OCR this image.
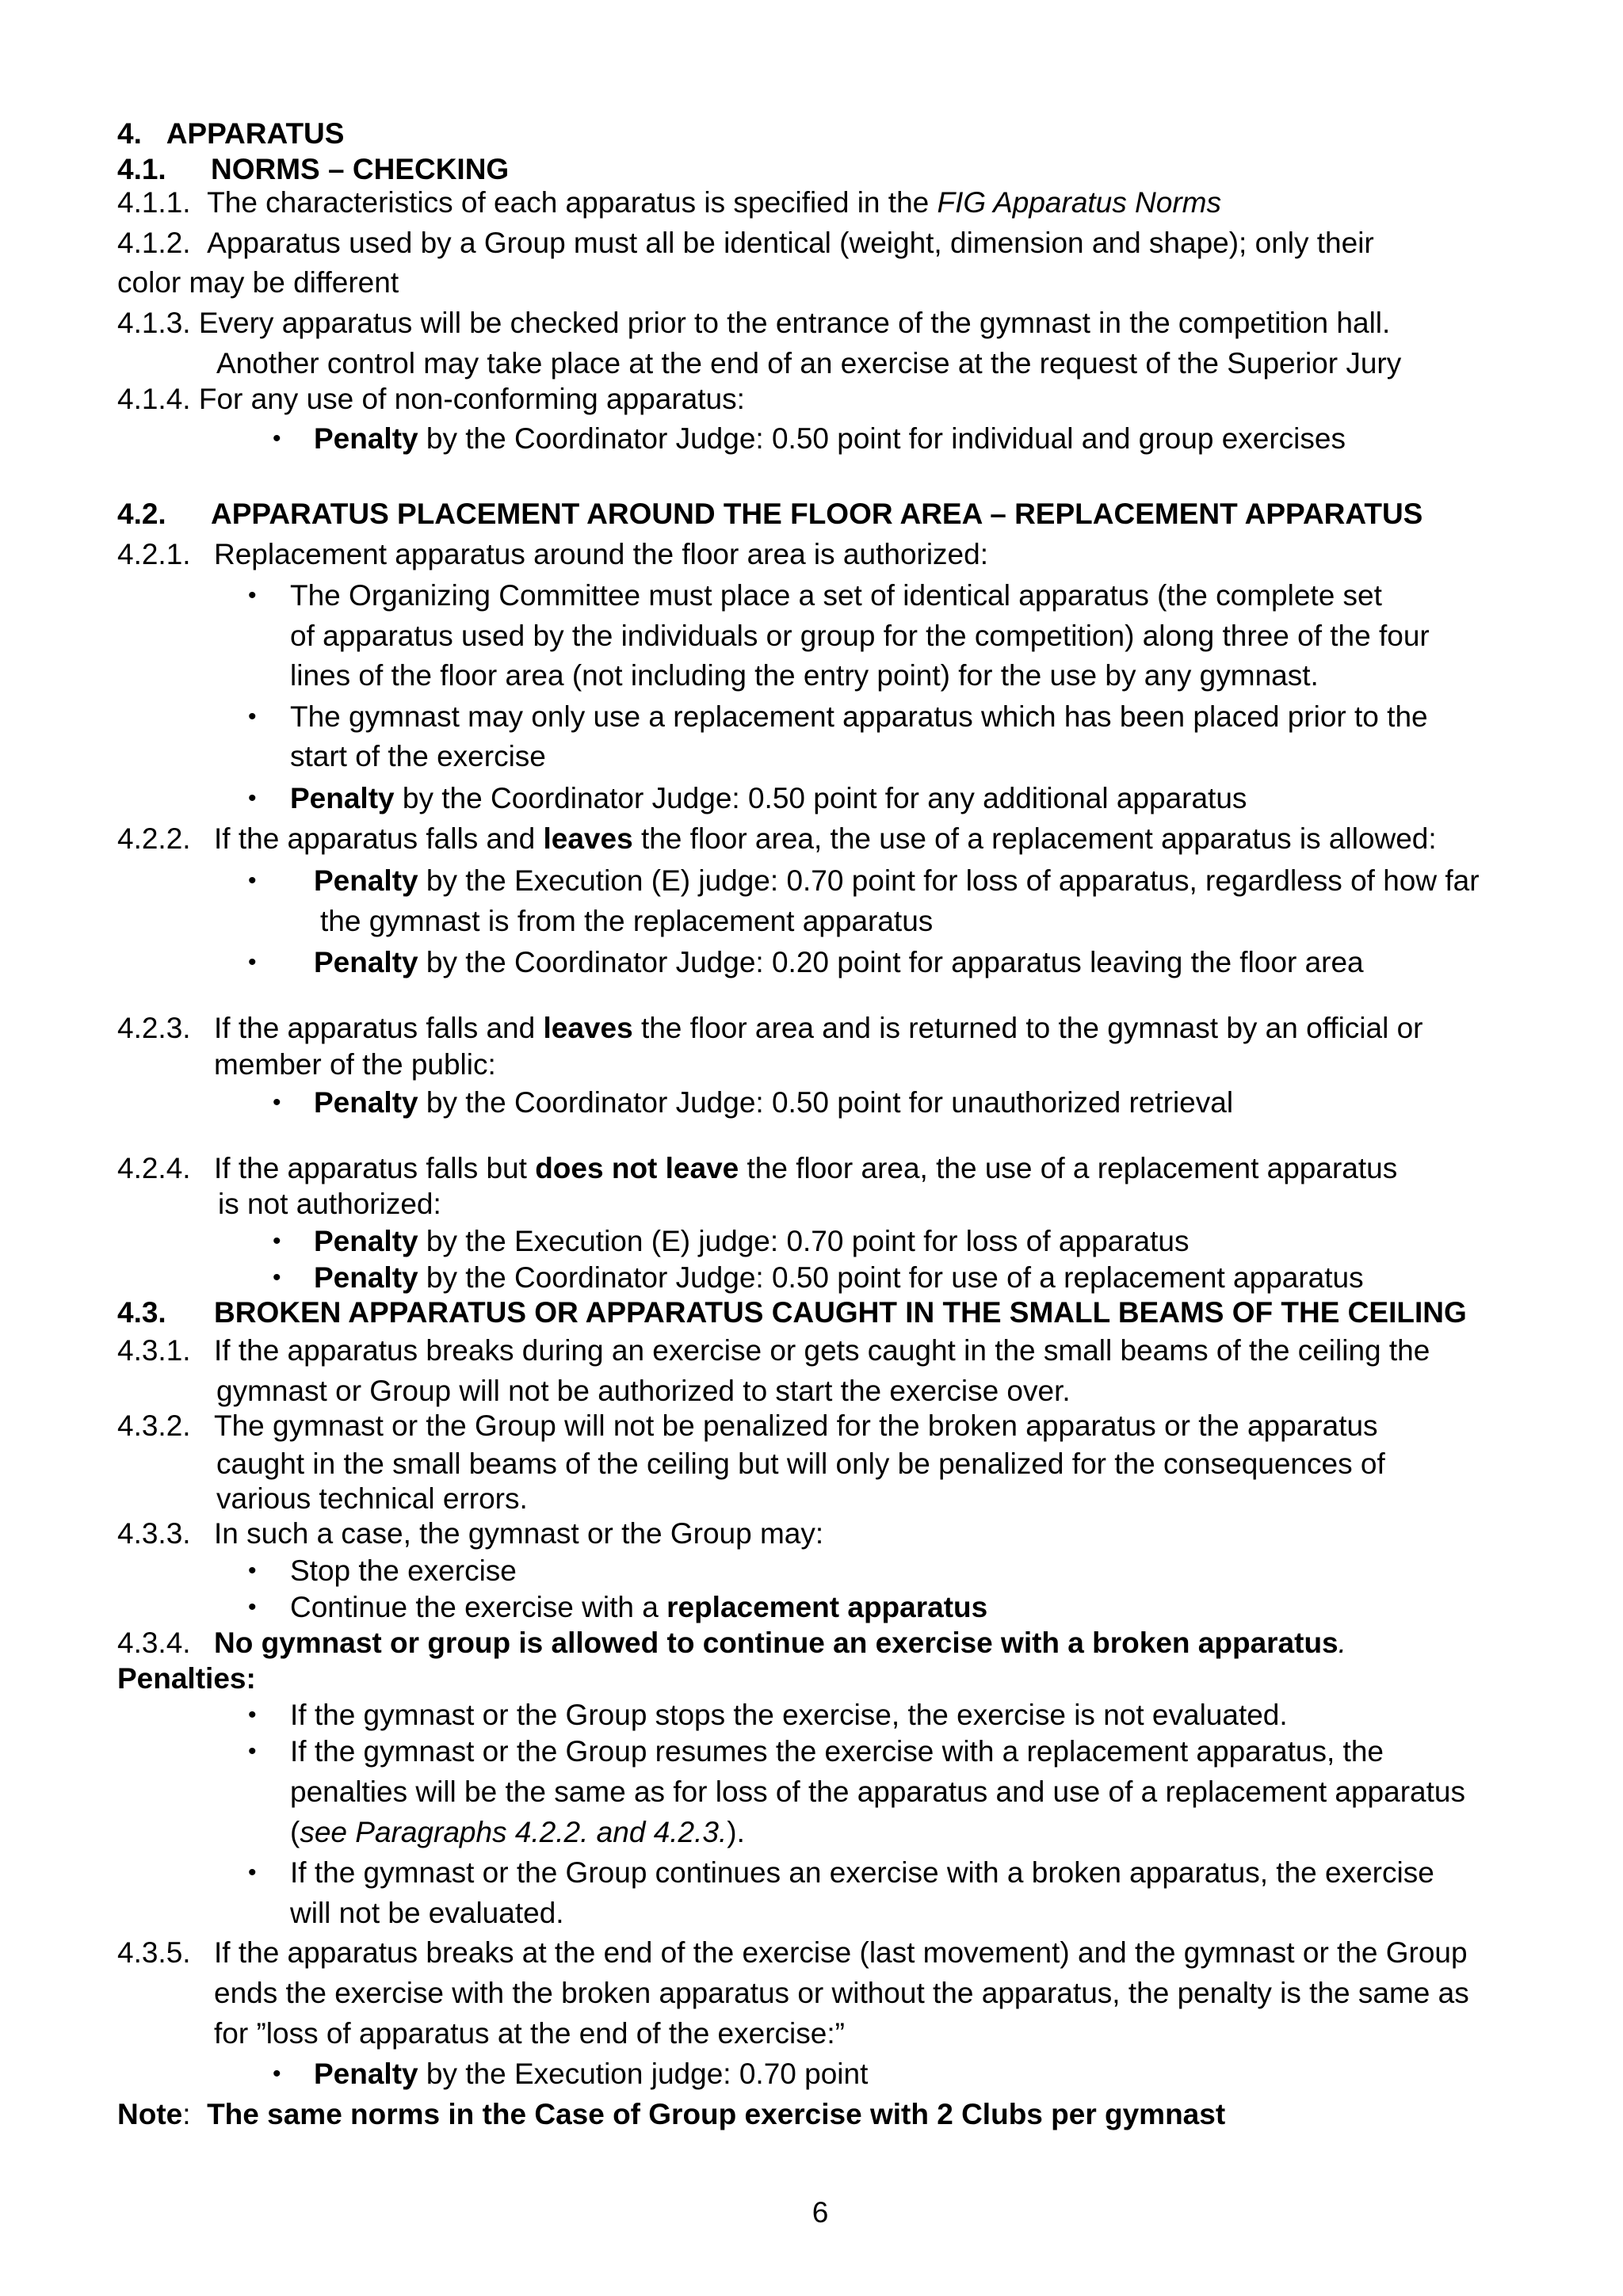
4. APPARATUS
4.1. NORMS – CHECKING
4.1.1. The characteristics of each apparatus is specified in the FIG Apparatus Norms
4.1.2. Apparatus used by a Group must all be identical (weight, dimension and shape); only their
color may be different
4.1.3. Every apparatus will be checked prior to the entrance of the gymnast in the competition hall.
Another control may take place at the end of an exercise at the request of the Superior Jury
4.1.4. For any use of non-conforming apparatus:
• Penalty by the Coordinator Judge: 0.50 point for individual and group exercises
4.2. APPARATUS PLACEMENT AROUND THE FLOOR AREA – REPLACEMENT APPARATUS
4.2.1. Replacement apparatus around the floor area is authorized:
• The Organizing Committee must place a set of identical apparatus (the complete set
of apparatus used by the individuals or group for the competition) along three of the four
lines of the floor area (not including the entry point) for the use by any gymnast.
• The gymnast may only use a replacement apparatus which has been placed prior to the
start of the exercise
• Penalty by the Coordinator Judge: 0.50 point for any additional apparatus
4.2.2. If the apparatus falls and leaves the floor area, the use of a replacement apparatus is allowed:
• Penalty by the Execution (E) judge: 0.70 point for loss of apparatus, regardless of how far
the gymnast is from the replacement apparatus
• Penalty by the Coordinator Judge: 0.20 point for apparatus leaving the floor area
4.2.3. If the apparatus falls and leaves the floor area and is returned to the gymnast by an official or
member of the public:
• Penalty by the Coordinator Judge: 0.50 point for unauthorized retrieval
4.2.4. If the apparatus falls but does not leave the floor area, the use of a replacement apparatus
is not authorized:
• Penalty by the Execution (E) judge: 0.70 point for loss of apparatus
• Penalty by the Coordinator Judge: 0.50 point for use of a replacement apparatus
4.3. BROKEN APPARATUS OR APPARATUS CAUGHT IN THE SMALL BEAMS OF THE CEILING
4.3.1. If the apparatus breaks during an exercise or gets caught in the small beams of the ceiling the
gymnast or Group will not be authorized to start the exercise over.
4.3.2. The gymnast or the Group will not be penalized for the broken apparatus or the apparatus
caught in the small beams of the ceiling but will only be penalized for the consequences of
various technical errors.
4.3.3. In such a case, the gymnast or the Group may:
• Stop the exercise
• Continue the exercise with a replacement apparatus
4.3.4. No gymnast or group is allowed to continue an exercise with a broken apparatus.
Penalties:
• If the gymnast or the Group stops the exercise, the exercise is not evaluated.
• If the gymnast or the Group resumes the exercise with a replacement apparatus, the
penalties will be the same as for loss of the apparatus and use of a replacement apparatus
(see Paragraphs 4.2.2. and 4.2.3.).
• If the gymnast or the Group continues an exercise with a broken apparatus, the exercise
will not be evaluated.
4.3.5. If the apparatus breaks at the end of the exercise (last movement) and the gymnast or the Group
ends the exercise with the broken apparatus or without the apparatus, the penalty is the same as
for ”loss of apparatus at the end of the exercise:”
• Penalty by the Execution judge: 0.70 point
Note:  The same norms in the Case of Group exercise with 2 Clubs per gymnast
6
